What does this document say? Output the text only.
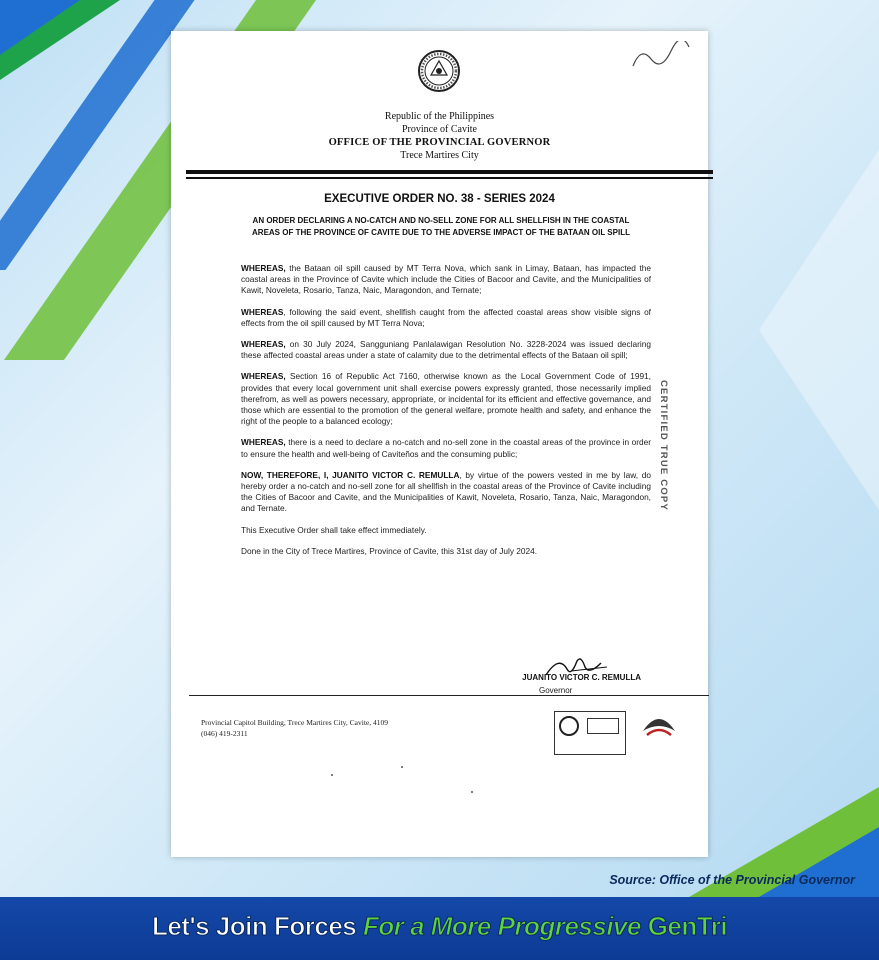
Republic of the Philippines
Province of Cavite
OFFICE OF THE PROVINCIAL GOVERNOR
Trece Martires City
EXECUTIVE ORDER NO. 38 - SERIES 2024
AN ORDER DECLARING A NO-CATCH AND NO-SELL ZONE FOR ALL SHELLFISH IN THE COASTAL AREAS OF THE PROVINCE OF CAVITE DUE TO THE ADVERSE IMPACT OF THE BATAAN OIL SPILL

WHEREAS, the Bataan oil spill caused by MT Terra Nova, which sank in Limay, Bataan, has impacted the coastal areas in the Province of Cavite which include the Cities of Bacoor and Cavite, and the Municipalities of Kawit, Noveleta, Rosario, Tanza, Naic, Maragondon, and Ternate;

WHEREAS, following the said event, shellfish caught from the affected coastal areas show visible signs of effects from the oil spill caused by MT Terra Nova;

WHEREAS, on 30 July 2024, Sangguniang Panlalawigan Resolution No. 3228-2024 was issued declaring these affected coastal areas under a state of calamity due to the detrimental effects of the Bataan oil spill;

WHEREAS, Section 16 of Republic Act 7160, otherwise known as the Local Government Code of 1991, provides that every local government unit shall exercise powers expressly granted, those necessarily implied therefrom, as well as powers necessary, appropriate, or incidental for its efficient and effective governance, and those which are essential to the promotion of the general welfare, promote health and safety, and enhance the right of the people to a balanced ecology;

WHEREAS, there is a need to declare a no-catch and no-sell zone in the coastal areas of the province in order to ensure the health and well-being of Caviteños and the consuming public;

NOW, THEREFORE, I, JUANITO VICTOR C. REMULLA, by virtue of the powers vested in me by law, do hereby order a no-catch and no-sell zone for all shellfish in the coastal areas of the Province of Cavite including the Cities of Bacoor and Cavite, and the Municipalities of Kawit, Noveleta, Rosario, Tanza, Naic, Maragondon, and Ternate.

This Executive Order shall take effect immediately.

Done in the City of Trece Martires, Province of Cavite, this 31st day of July 2024.

JUANITO VICTOR C. REMULLA
Governor
Provincial Capitol Building, Trece Martires City, Cavite, 4109
(046) 419-2311
CERTIFIED TRUE COPY
Source: Office of the Provincial Governor
Let's Join Forces For a More Progressive GenTri
